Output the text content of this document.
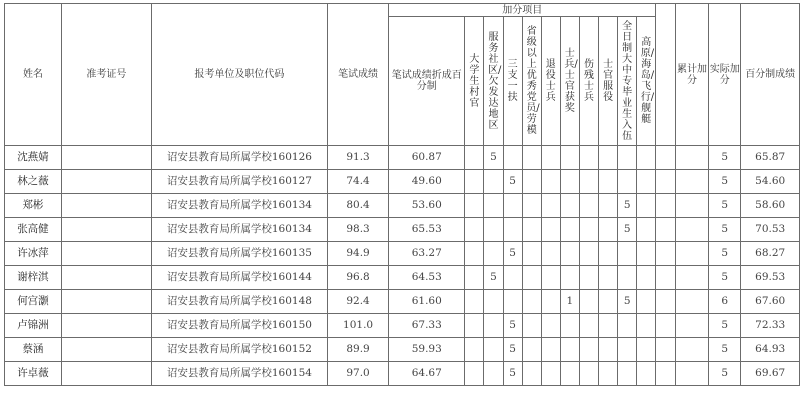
姓名	准考证号	报考单位及职位代码	笔试成绩	加分项目												累计加分	实际加分	百分制成绩
				笔试成绩折成百分制	大学生村官	服务社区/欠发达地区	三支一扶	省级以上优秀党员/劳模	退役士兵	士兵/士官获奖	伤残士兵	士官服役	全日制大中专毕业生入伍	高原/海岛/飞行/舰艇				
沈燕婧		诏安县教育局所属学校160126	91.3	60.87		5											5	65.87
林之薇		诏安县教育局所属学校160127	74.4	49.60			5										5	54.60
郑彬		诏安县教育局所属学校160134	80.4	53.60									5				5	58.60
张高健		诏安县教育局所属学校160134	98.3	65.53									5				5	70.53
许冰萍		诏安县教育局所属学校160135	94.9	63.27			5										5	68.27
谢梓淇		诏安县教育局所属学校160144	96.8	64.53		5											5	69.53
何宫灏		诏安县教育局所属学校160148	92.4	61.60						1			5				6	67.60
卢锦洲		诏安县教育局所属学校160150	101.0	67.33			5										5	72.33
蔡涵		诏安县教育局所属学校160152	89.9	59.93			5										5	64.93
许卓薇		诏安县教育局所属学校160154	97.0	64.67			5										5	69.67
